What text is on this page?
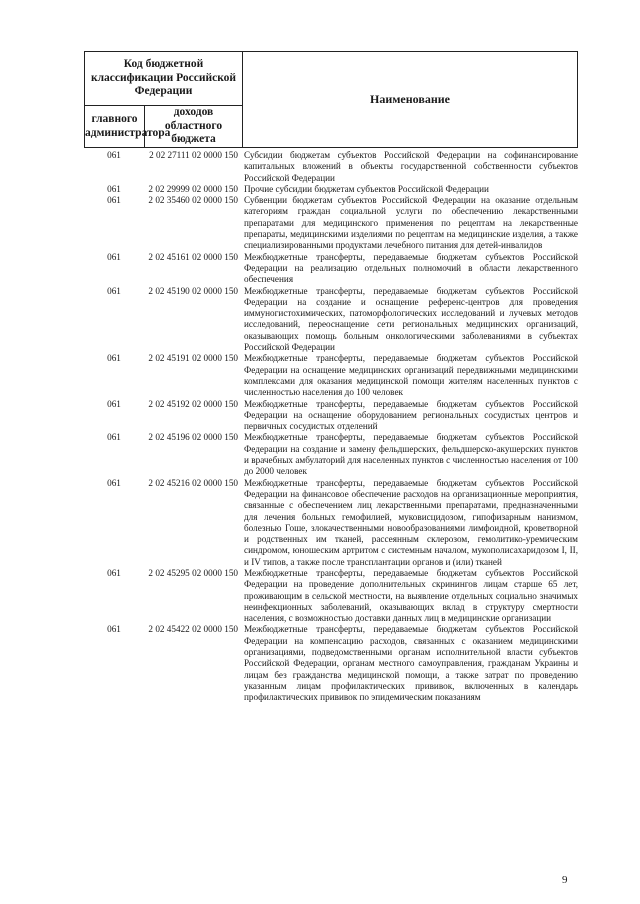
Код бюджетной классификации Российской Федерации		Наименование
главного администратора	доходов областного бюджета	
061	2 02 27111 02 0000 150 Субсидии бюджетам субъектов Российской Федерации на софинансирование капитальных вложений в объекты государственной собственности субъектов Российской Федерации
061	2 02 29999 02 0000 150 Прочие субсидии бюджетам субъектов Российской Федерации
061	2 02 35460 02 0000 150 Субвенции бюджетам субъектов Российской Федерации на оказание отдельным категориям граждан социальной услуги по обеспечению лекарственными препаратами для медицинского применения по рецептам на лекарственные препараты, медицинскими изделиями по рецептам на медицинские изделия, а также специализированными продуктами лечебного питания для детей-инвалидов
061	2 02 45161 02 0000 150 Межбюджетные трансферты, передаваемые бюджетам субъектов Российской Федерации на реализацию отдельных полномочий в области лекарственного обеспечения
061	2 02 45190 02 0000 150 Межбюджетные трансферты, передаваемые бюджетам субъектов Российской Федерации на создание и оснащение референс-центров для проведения иммуногистохимических, патоморфологических исследований и лучевых методов исследований, переоснащение сети региональных медицинских организаций, оказывающих помощь больным онкологическими заболеваниями в субъектах Российской Федерации
061	2 02 45191 02 0000 150 Межбюджетные трансферты, передаваемые бюджетам субъектов Российской Федерации на оснащение медицинских организаций передвижными медицинскими комплексами для оказания медицинской помощи жителям населенных пунктов с численностью населения до 100 человек
061	2 02 45192 02 0000 150 Межбюджетные трансферты, передаваемые бюджетам субъектов Российской Федерации на оснащение оборудованием региональных сосудистых центров и первичных сосудистых отделений
061	2 02 45196 02 0000 150 Межбюджетные трансферты, передаваемые бюджетам субъектов Российской Федерации на создание и замену фельдшерских, фельдшерско-акушерских пунктов и врачебных амбулаторий для населенных пунктов с численностью населения от 100 до 2000 человек
061	2 02 45216 02 0000 150 Межбюджетные трансферты, передаваемые бюджетам субъектов Российской Федерации на финансовое обеспечение расходов на организационные мероприятия, связанные с обеспечением лиц лекарственными препаратами, предназначенными для лечения больных гемофилией, муковисцидозом, гипофизарным нанизмом, болезнью Гоше, злокачественными новообразованиями лимфоидной, кроветворной и родственных им тканей, рассеянным склерозом, гемолитико-уремическим синдромом, юношеским артритом с системным началом, мукополисахаридозом I, II, и IV типов, а также после трансплантации органов и (или) тканей
061	2 02 45295 02 0000 150 Межбюджетные трансферты, передаваемые бюджетам субъектов Российской Федерации на проведение дополнительных скринингов лицам старше 65 лет, проживающим в сельской местности, на выявление отдельных социально значимых неинфекционных заболеваний, оказывающих вклад в структуру смертности населения, с возможностью доставки данных лиц в медицинские организации
061	2 02 45422 02 0000 150 Межбюджетные трансферты, передаваемые бюджетам субъектов Российской Федерации на компенсацию расходов, связанных с оказанием медицинскими организациями, подведомственными органам исполнительной власти субъектов Российской Федерации, органам местного самоуправления, гражданам Украины и лицам без гражданства медицинской помощи, а также затрат по проведению указанным лицам профилактических прививок, включенных в календарь профилактических прививок по эпидемическим показаниям
9
